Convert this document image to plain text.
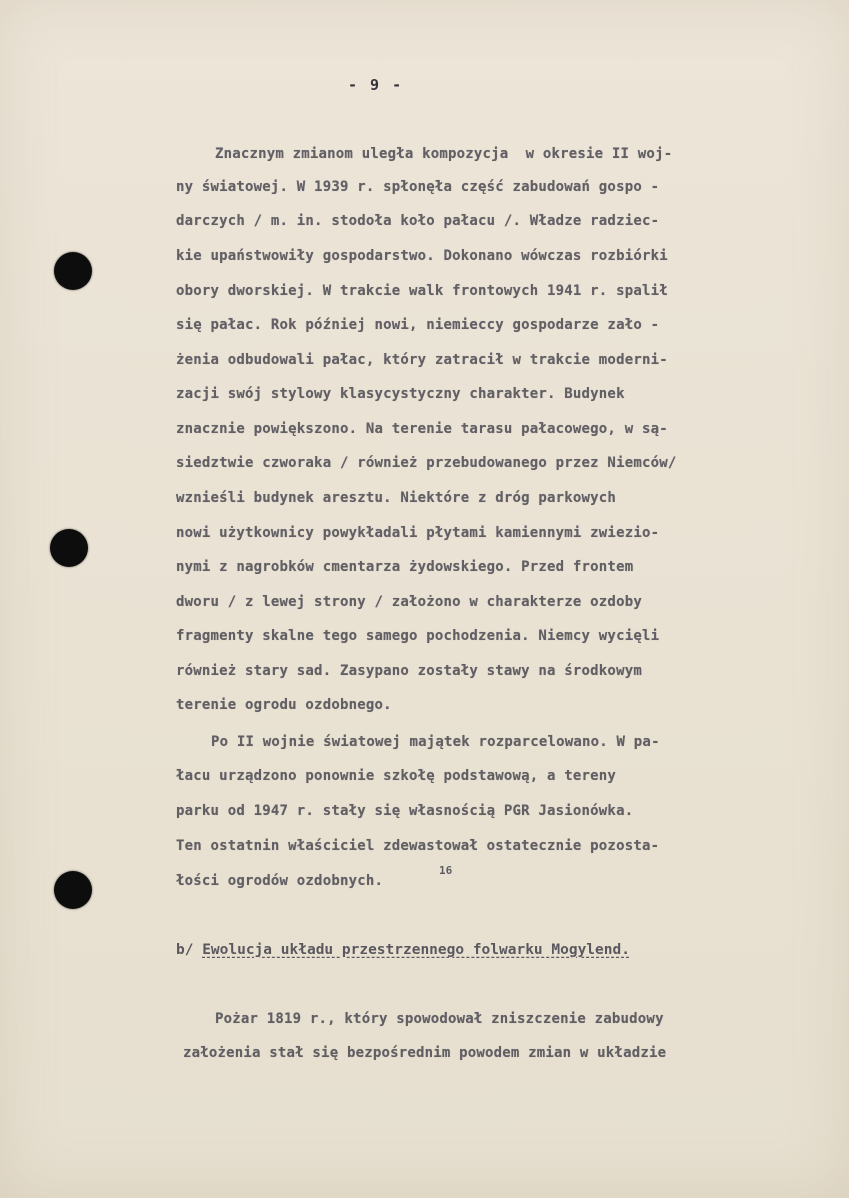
- 9 -
Znacznym zmianom uległa kompozycja  w okresie II woj-
ny światowej. W 1939 r. spłonęła część zabudowań gospo -
darczych / m. in. stodoła koło pałacu /. Władze radziec-
kie upaństwowiły gospodarstwo. Dokonano wówczas rozbiórki
obory dworskiej. W trakcie walk frontowych 1941 r. spalił
się pałac. Rok później nowi, niemieccy gospodarze zało -
żenia odbudowali pałac, który zatracił w trakcie moderni-
zacji swój stylowy klasycystyczny charakter. Budynek
znacznie powiększono. Na terenie tarasu pałacowego, w są-
siedztwie czworaka / również przebudowanego przez Niemców/
wznieśli budynek aresztu. Niektóre z dróg parkowych
nowi użytkownicy powykładali płytami kamiennymi zwiezio-
nymi z nagrobków cmentarza żydowskiego. Przed frontem
dworu / z lewej strony / założono w charakterze ozdoby
fragmenty skalne tego samego pochodzenia. Niemcy wycięli
również stary sad. Zasypano zostały stawy na środkowym
terenie ogrodu ozdobnego.
Po II wojnie światowej majątek rozparcelowano. W pa-
łacu urządzono ponownie szkołę podstawową, a tereny
parku od 1947 r. stały się własnością PGR Jasionówka.
Ten ostatnin właściciel zdewastował ostatecznie pozosta-
łości ogrodów ozdobnych.
16
b/ Ewolucja układu przestrzennego folwarku Mogylend.
Pożar 1819 r., który spowodował zniszczenie zabudowy
założenia stał się bezpośrednim powodem zmian w układzie
